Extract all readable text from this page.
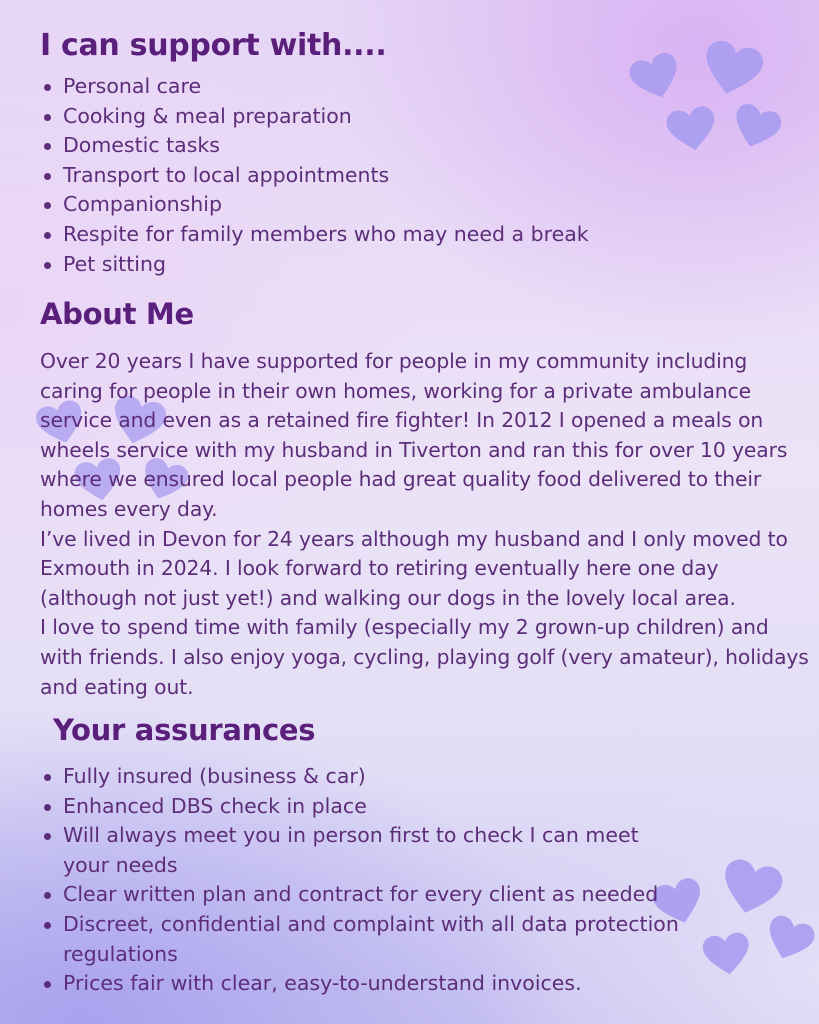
I can support with....
Personal care
Cooking & meal preparation
Domestic tasks
Transport to local appointments
Companionship
Respite for family members who may need a break
Pet sitting
About Me

Over 20 years I have supported for people in my community including caring for people in their own homes, working for a private ambulance service and even as a retained fire fighter! In 2012 I opened a meals on wheels service with my husband in Tiverton and ran this for over 10 years where we ensured local people had great quality food delivered to their homes every day.

I’ve lived in Devon for 24 years although my husband and I only moved to Exmouth in 2024. I look forward to retiring eventually here one day (although not just yet!) and walking our dogs in the lovely local area.

I love to spend time with family (especially my 2 grown-up children) and with friends. I also enjoy yoga, cycling, playing golf (very amateur), holidays and eating out.

Your assurances
Fully insured (business & car)
Enhanced DBS check in place
Will always meet you in person first to check I can meet your needs
Clear written plan and contract for every client as needed
Discreet, confidential and complaint with all data protection regulations
Prices fair with clear, easy-to-understand invoices.
